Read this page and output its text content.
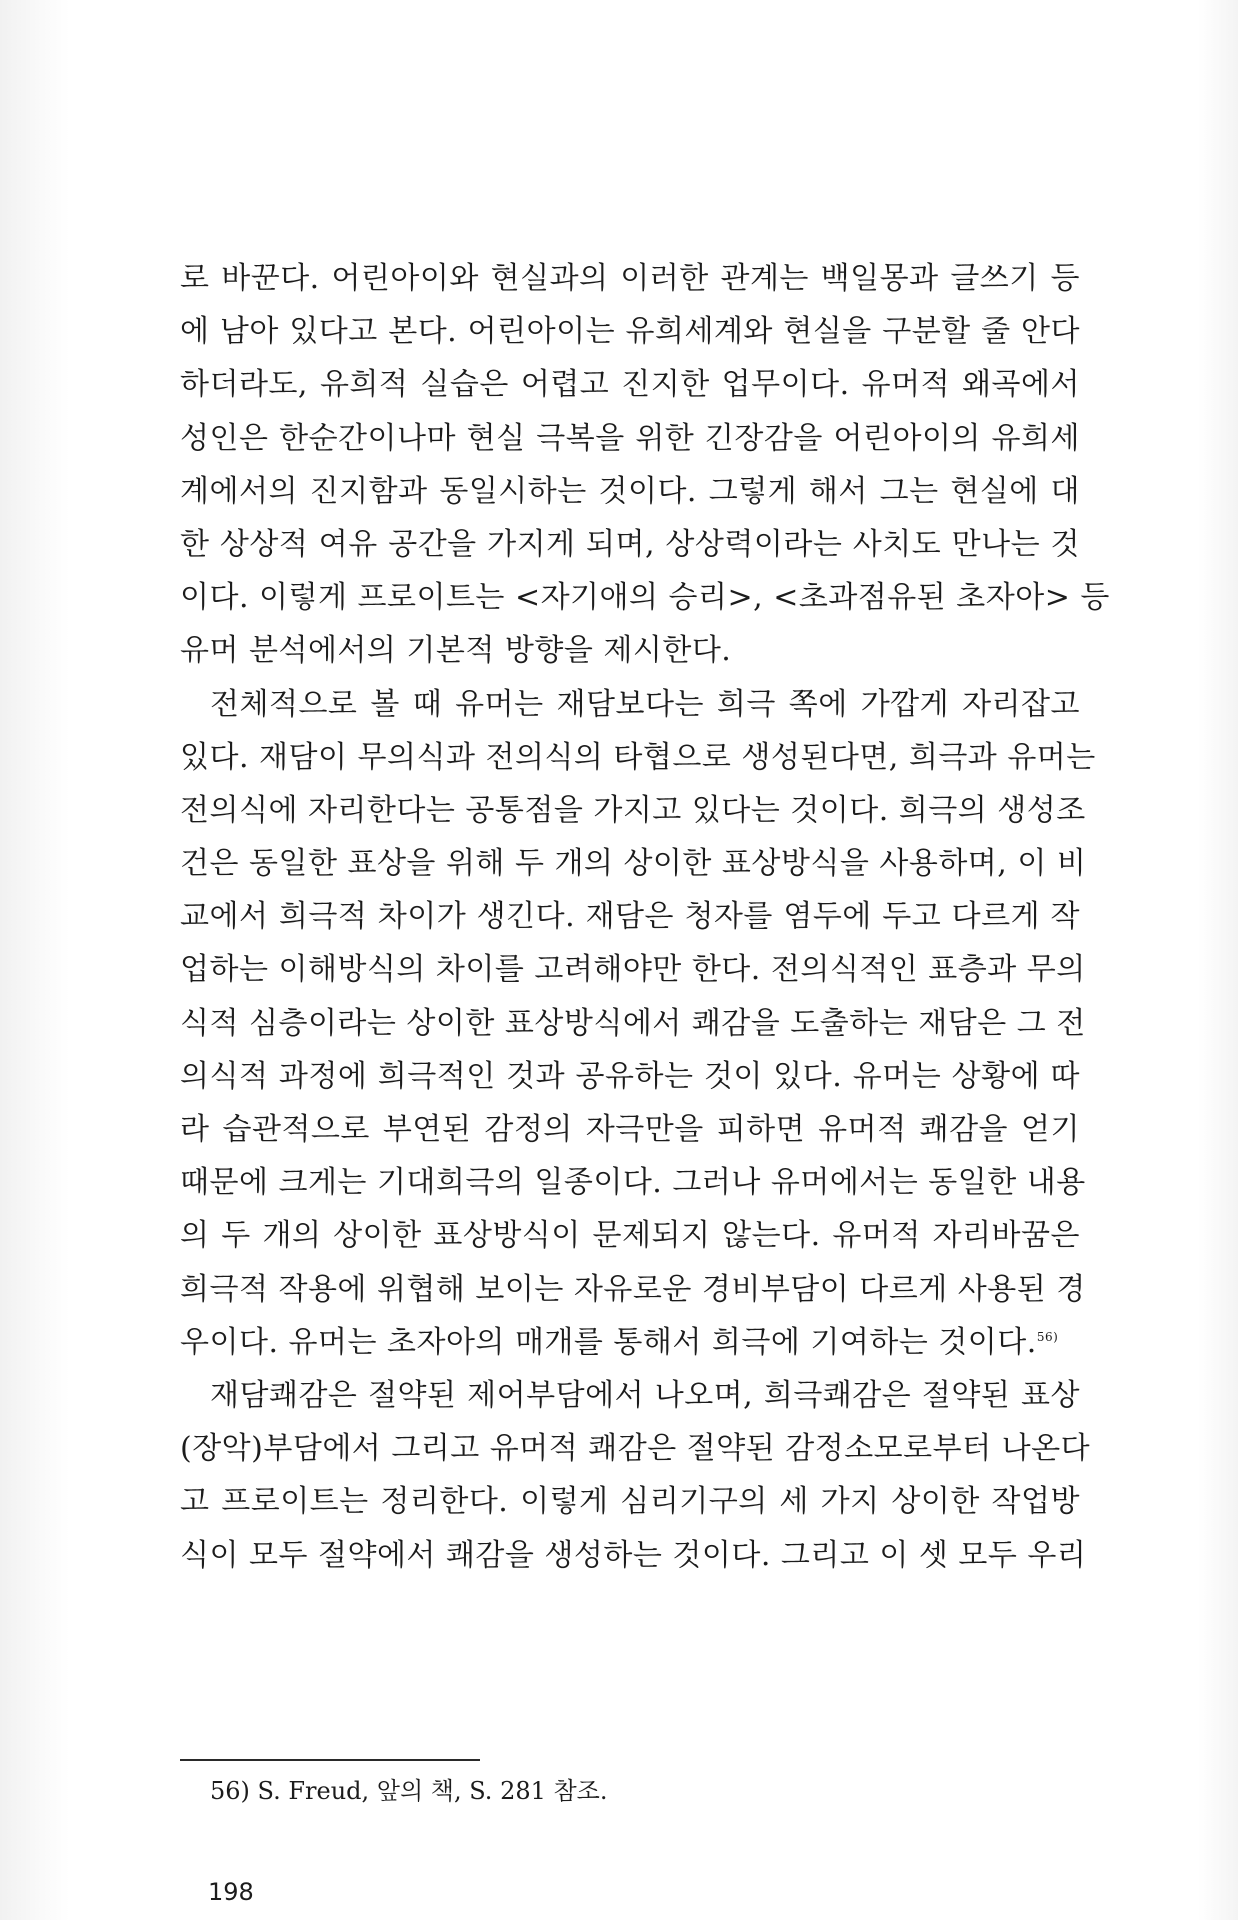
로 바꾼다. 어린아이와 현실과의 이러한 관계는 백일몽과 글쓰기 등
에 남아 있다고 본다. 어린아이는 유희세계와 현실을 구분할 줄 안다
하더라도, 유희적 실습은 어렵고 진지한 업무이다. 유머적 왜곡에서
성인은 한순간이나마 현실 극복을 위한 긴장감을 어린아이의 유희세
계에서의 진지함과 동일시하는 것이다. 그렇게 해서 그는 현실에 대
한 상상적 여유 공간을 가지게 되며, 상상력이라는 사치도 만나는 것
이다. 이렇게 프로이트는 <자기애의 승리>, <초과점유된 초자아> 등
유머 분석에서의 기본적 방향을 제시한다.
전체적으로 볼 때 유머는 재담보다는 희극 쪽에 가깝게 자리잡고
있다. 재담이 무의식과 전의식의 타협으로 생성된다면, 희극과 유머는
전의식에 자리한다는 공통점을 가지고 있다는 것이다. 희극의 생성조
건은 동일한 표상을 위해 두 개의 상이한 표상방식을 사용하며, 이 비
교에서 희극적 차이가 생긴다. 재담은 청자를 염두에 두고 다르게 작
업하는 이해방식의 차이를 고려해야만 한다. 전의식적인 표층과 무의
식적 심층이라는 상이한 표상방식에서 쾌감을 도출하는 재담은 그 전
의식적 과정에 희극적인 것과 공유하는 것이 있다. 유머는 상황에 따
라 습관적으로 부연된 감정의 자극만을 피하면 유머적 쾌감을 얻기
때문에 크게는 기대희극의 일종이다. 그러나 유머에서는 동일한 내용
의 두 개의 상이한 표상방식이 문제되지 않는다. 유머적 자리바꿈은
희극적 작용에 위협해 보이는 자유로운 경비부담이 다르게 사용된 경
우이다. 유머는 초자아의 매개를 통해서 희극에 기여하는 것이다.$^{56)}$
재담쾌감은 절약된 제어부담에서 나오며, 희극쾌감은 절약된 표상
(장악)부담에서 그리고 유머적 쾌감은 절약된 감정소모로부터 나온다
고 프로이트는 정리한다. 이렇게 심리기구의 세 가지 상이한 작업방
식이 모두 절약에서 쾌감을 생성하는 것이다. 그리고 이 셋 모두 우리
56) S. Freud, 앞의 책, S. 281 참조.
198
